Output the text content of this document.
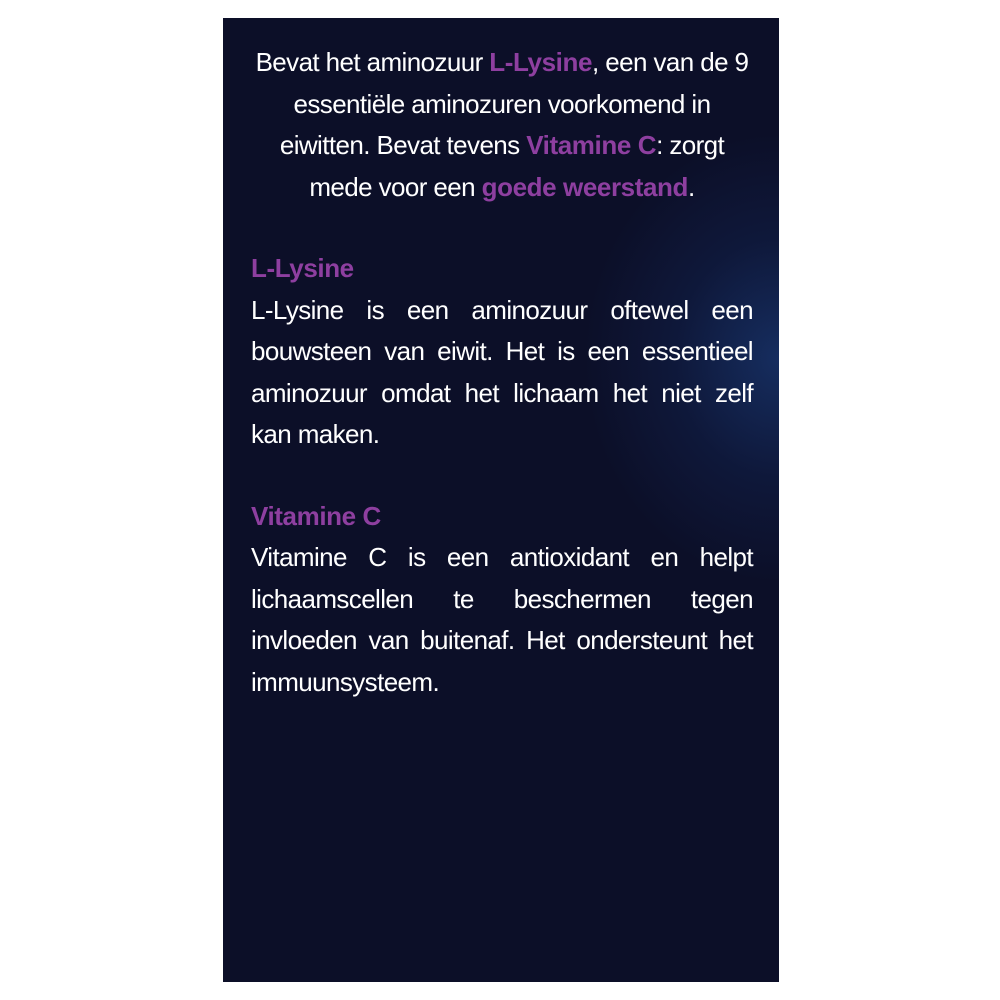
Bevat het aminozuur L-Lysine, een van de 9 essentiële aminozuren voorkomend in eiwitten. Bevat tevens Vitamine C: zorgt mede voor een goede weerstand.

L-Lysine

L-Lysine is een aminozuur oftewel een bouwsteen van eiwit. Het is een essentieel aminozuur omdat het lichaam het niet zelf kan maken.

Vitamine C

Vitamine C is een antioxidant en helpt lichaamscellen te beschermen tegen invloeden van buitenaf. Het ondersteunt het immuunsysteem.
